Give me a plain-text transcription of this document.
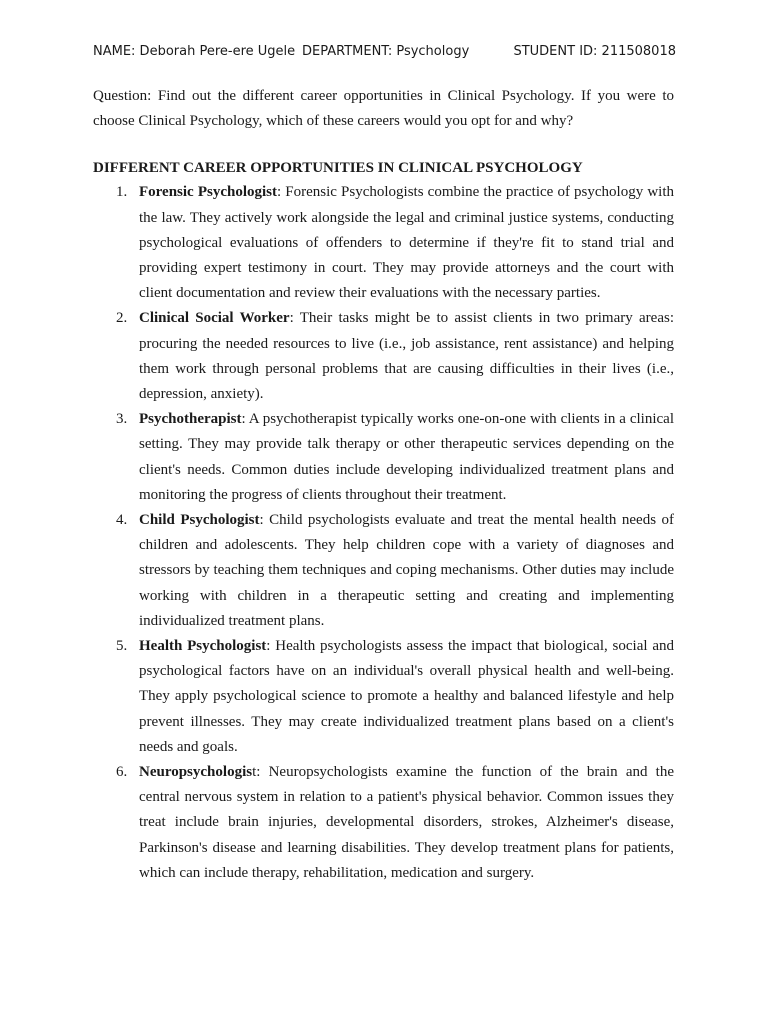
NAME: Deborah Pere-ere Ugele DEPARTMENT: Psychology	STUDENT ID: 211508018

Question: Find out the different career opportunities in Clinical Psychology. If you were to choose Clinical Psychology, which of these careers would you opt for and why?

DIFFERENT CAREER OPPORTUNITIES IN CLINICAL PSYCHOLOGY
1. Forensic Psychologist: Forensic Psychologists combine the practice of psychology with the law. They actively work alongside the legal and criminal justice systems, conducting psychological evaluations of offenders to determine if they're fit to stand trial and providing expert testimony in court. They may provide attorneys and the court with client documentation and review their evaluations with the necessary parties.
2. Clinical Social Worker: Their tasks might be to assist clients in two primary areas: procuring the needed resources to live (i.e., job assistance, rent assistance) and helping them work through personal problems that are causing difficulties in their lives (i.e., depression, anxiety).
3. Psychotherapist: A psychotherapist typically works one-on-one with clients in a clinical setting. They may provide talk therapy or other therapeutic services depending on the client's needs. Common duties include developing individualized treatment plans and monitoring the progress of clients throughout their treatment.
4. Child Psychologist: Child psychologists evaluate and treat the mental health needs of children and adolescents. They help children cope with a variety of diagnoses and stressors by teaching them techniques and coping mechanisms. Other duties may include working with children in a therapeutic setting and creating and implementing individualized treatment plans.
5. Health Psychologist: Health psychologists assess the impact that biological, social and psychological factors have on an individual's overall physical health and well-being. They apply psychological science to promote a healthy and balanced lifestyle and help prevent illnesses. They may create individualized treatment plans based on a client's needs and goals.
6. Neuropsychologist: Neuropsychologists examine the function of the brain and the central nervous system in relation to a patient's physical behavior. Common issues they treat include brain injuries, developmental disorders, strokes, Alzheimer's disease, Parkinson's disease and learning disabilities. They develop treatment plans for patients, which can include therapy, rehabilitation, medication and surgery.
